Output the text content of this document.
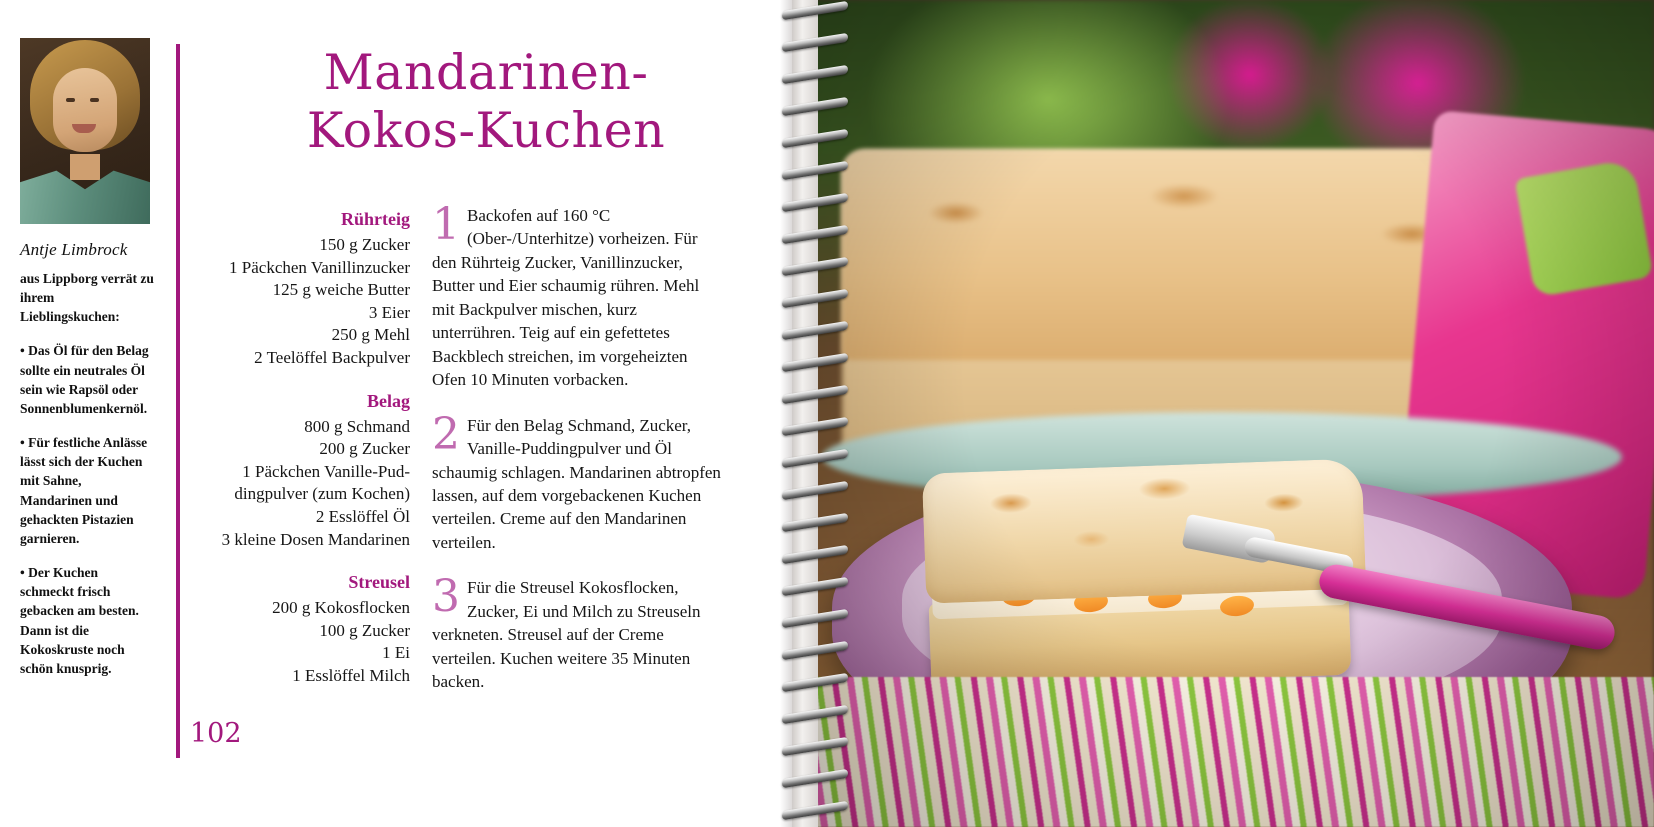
Antje Limbrock
aus Lippborg verrät zu ihrem Lieblingskuchen:
• Das Öl für den Belag sollte ein neutrales Öl sein wie Rapsöl oder Sonnenblumenkernöl.
• Für festliche Anlässe lässt sich der Kuchen mit Sahne, Mandarinen und gehackten Pistazien garnieren.
• Der Kuchen schmeckt frisch gebacken am besten. Dann ist die Kokoskruste noch schön knusprig.
Mandarinen-
Kokos-Kuchen
Rührteig
150 g Zucker
1 Päckchen Vanillinzucker
125 g weiche Butter
3 Eier
250 g Mehl
2 Teelöffel Backpulver
Belag
800 g Schmand
200 g Zucker
1 Päckchen Vanille-Pud-
dingpulver (zum Kochen)
2 Esslöffel Öl
3 kleine Dosen Mandarinen
Streusel
200 g Kokosflocken
100 g Zucker
1 Ei
1 Esslöffel Milch
1 Backofen auf 160 °C (Ober-/Unterhitze) vorheizen. Für den Rührteig Zucker, Vanillinzucker, Butter und Eier schaumig rühren. Mehl mit Backpulver mischen, kurz unterrühren. Teig auf ein gefettetes Backblech streichen, im vorgeheizten Ofen 10 Minuten vorbacken.
2 Für den Belag Schmand, Zucker, Vanille-Puddingpulver und Öl schaumig schlagen. Mandarinen abtropfen lassen, auf dem vorgebackenen Kuchen verteilen. Creme auf den Mandarinen verteilen.
3 Für die Streusel Kokosflocken, Zucker, Ei und Milch zu Streuseln verkneten. Streusel auf der Creme verteilen. Kuchen weitere 35 Minuten backen.
102
